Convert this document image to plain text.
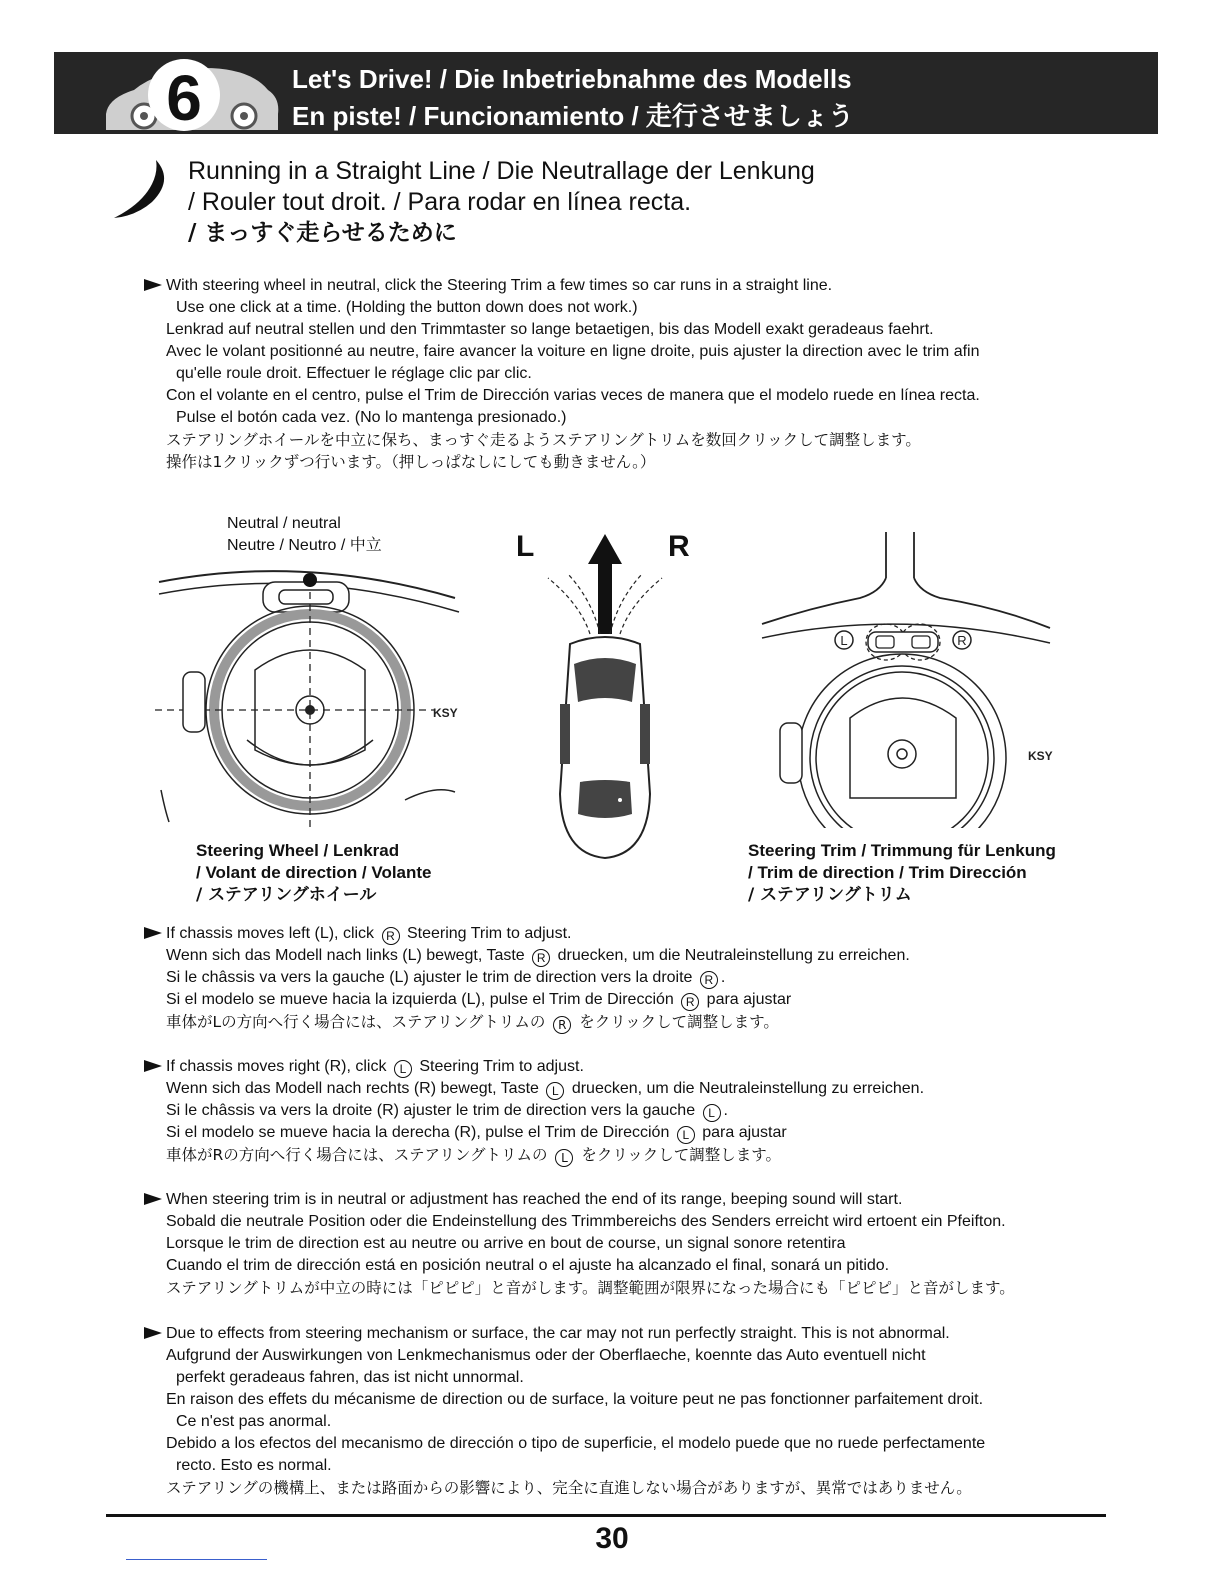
6	Let's Drive! / Die Inbetriebnahme des Modells
En piste! / Funcionamiento / 走行させましょう
Running in a Straight Line / Die Neutrallage der Lenkung
/ Rouler tout droit. / Para rodar en línea recta.
/ まっすぐ走らせるために

With steering wheel in neutral, click the Steering Trim a few times so car runs in a straight line.

Use one click at a time. (Holding the button down does not work.)

Lenkrad auf neutral stellen und den Trimmtaster so lange betaetigen, bis das Modell exakt geradeaus faehrt.

Avec le volant positionné au neutre, faire avancer la voiture en ligne droite, puis ajuster la direction avec le trim afin

qu'elle roule droit. Effectuer le réglage clic par clic.

Con el volante en el centro, pulse el Trim de Dirección varias veces de manera que el modelo ruede en línea recta.

Pulse el botón cada vez. (No lo mantenga presionado.)

ステアリングホイールを中立に保ち、まっすぐ走るようステアリングトリムを数回クリックして調整します。

操作は1クリックずつ行います。（押しっぱなしにしても動きません。）

Neutral / neutral
Neutre / Neutro / 中立
KSY
L	R
L	R
KSY
Steering Wheel / Lenkrad
/ Volant de direction / Volante
/ ステアリングホイール
Steering Trim / Trimmung für Lenkung
/ Trim de direction / Trim Dirección
/ ステアリングトリム

If chassis moves left (L), click R Steering Trim to adjust.

Wenn sich das Modell nach links (L) bewegt, Taste R druecken, um die Neutraleinstellung zu erreichen.

Si le châssis va vers la gauche (L) ajuster le trim de direction vers la droite R .

Si el modelo se mueve hacia la izquierda (L), pulse el Trim de Dirección R para ajustar

車体がLの方向へ行く場合には、ステアリングトリムの R をクリックして調整します。

If chassis moves right (R), click L Steering Trim to adjust.

Wenn sich das Modell nach rechts (R) bewegt, Taste L druecken, um die Neutraleinstellung zu erreichen.

Si le châssis va vers la droite (R) ajuster le trim de direction vers la gauche L .

Si el modelo se mueve hacia la derecha (R), pulse el Trim de Dirección L para ajustar

車体がRの方向へ行く場合には、ステアリングトリムの L をクリックして調整します。

When steering trim is in neutral or adjustment has reached the end of its range, beeping sound will start.

Sobald die neutrale Position oder die Endeinstellung des Trimmbereichs des Senders erreicht wird ertoent ein Pfeifton.

Lorsque le trim de direction est au neutre ou arrive en bout de course, un signal sonore retentira

Cuando el trim de dirección está en posición neutral o el ajuste ha alcanzado el final, sonará un pitido.

ステアリングトリムが中立の時には「ピピピ」と音がします。調整範囲が限界になった場合にも「ピピピ」と音がします。

Due to effects from steering mechanism or surface, the car may not run perfectly straight. This is not abnormal.

Aufgrund der Auswirkungen von Lenkmechanismus oder der Oberflaeche, koennte das Auto eventuell nicht

perfekt geradeaus fahren, das ist nicht unnormal.

En raison des effets du mécanisme de direction ou de surface, la voiture peut ne pas fonctionner parfaitement droit.

Ce n'est pas anormal.

Debido a los efectos del mecanismo de dirección o tipo de superficie, el modelo puede que no ruede perfectamente

recto. Esto es normal.

ステアリングの機構上、または路面からの影響により、完全に直進しない場合がありますが、異常ではありません。

30
